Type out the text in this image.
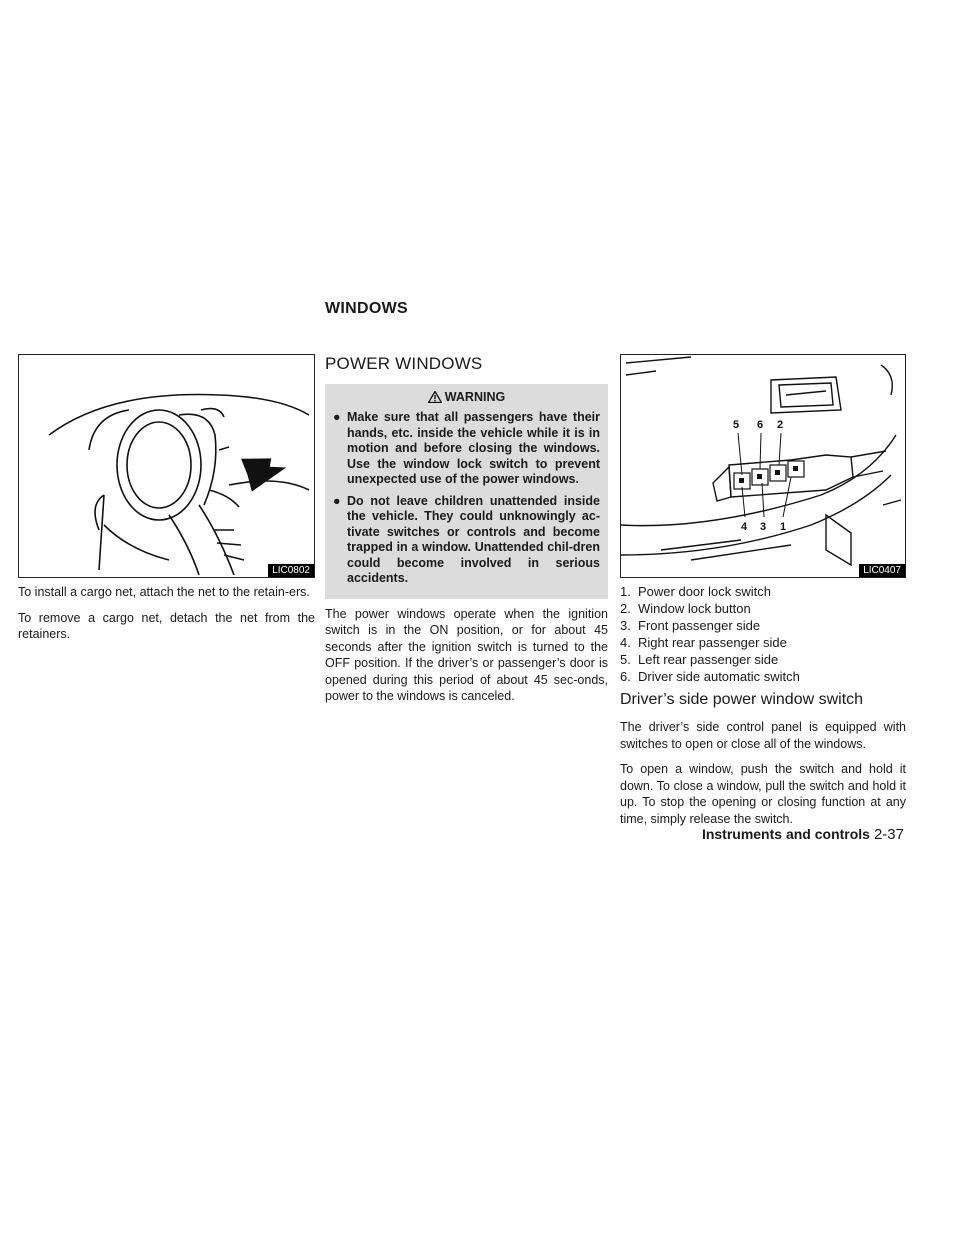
WINDOWS
LIC0802

To install a cargo net, attach the net to the retain-ers.

To remove a cargo net, detach the net from the retainers.

POWER WINDOWS
WARNING
● Make sure that all passengers have their hands, etc. inside the vehicle while it is in motion and before closing the windows. Use the window lock switch to prevent unexpected use of the power windows.
● Do not leave children unattended inside the vehicle. They could unknowingly ac-tivate switches or controls and become trapped in a window. Unattended chil-dren could become involved in serious accidents.

The power windows operate when the ignition switch is in the ON position, or for about 45 seconds after the ignition switch is turned to the OFF position. If the driver’s or passenger’s door is opened during this period of about 45 sec-onds, power to the windows is canceled.

5 6 2
4 3 1
LIC0407
1. Power door lock switch
2. Window lock button
3. Front passenger side
4. Right rear passenger side
5. Left rear passenger side
6. Driver side automatic switch
Driver’s side power window switch

The driver’s side control panel is equipped with switches to open or close all of the windows.

To open a window, push the switch and hold it down. To close a window, pull the switch and hold it up. To stop the opening or closing function at any time, simply release the switch.

Instruments and controls 2-37
